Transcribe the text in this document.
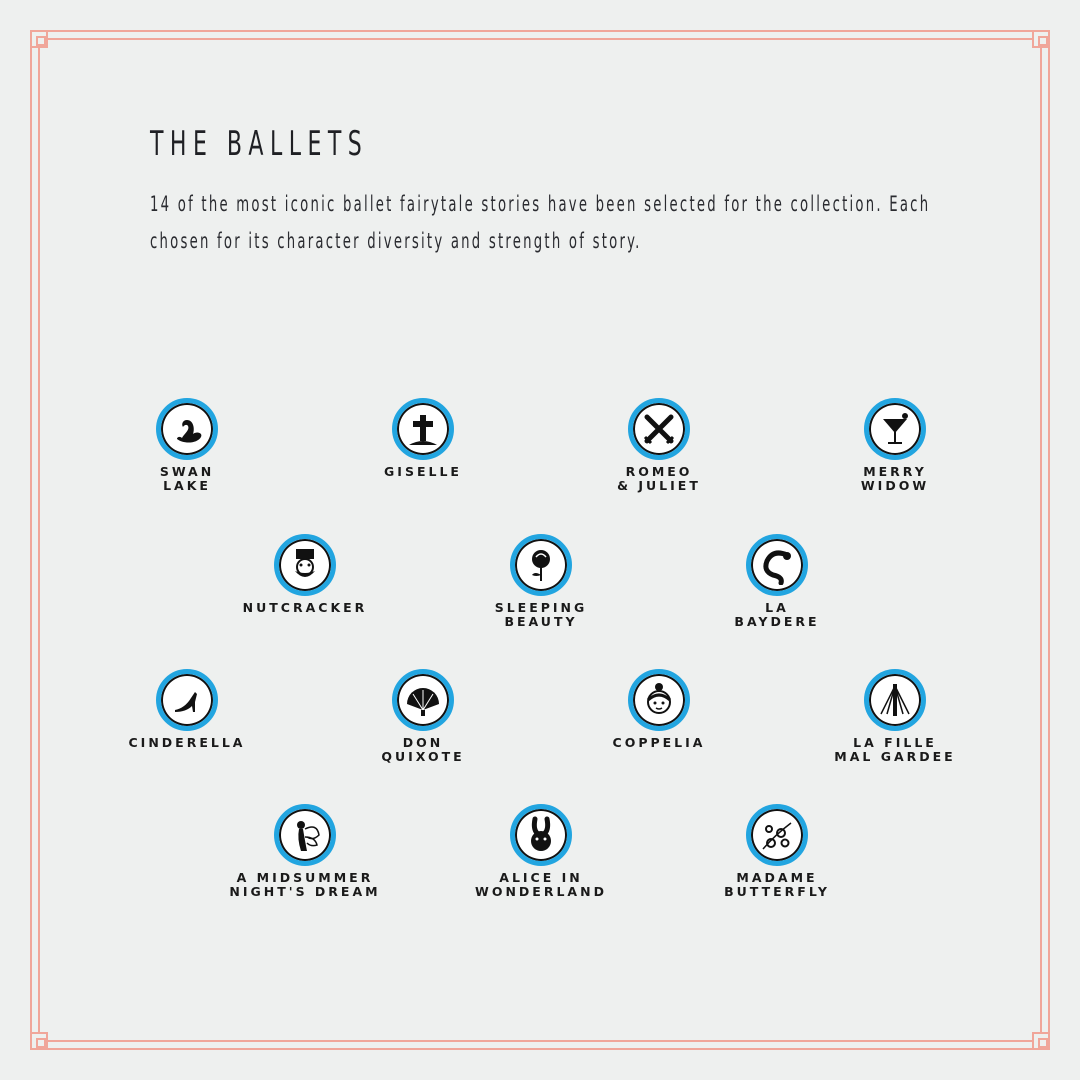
THE BALLETS
14 of the most iconic ballet fairytale stories have been selected for the collection. Each chosen for its character diversity and strength of story.
SWAN
LAKE
GISELLE	ROMEO
& JULIET
MERRY
WIDOW
NUTCRACKER	SLEEPING
BEAUTY
LA
BAYDERE
CINDERELLA	DON
QUIXOTE
COPPELIA	LA FILLE
MAL GARDEE
A MIDSUMMER
NIGHT'S DREAM
ALICE IN
WONDERLAND
MADAME
BUTTERFLY
